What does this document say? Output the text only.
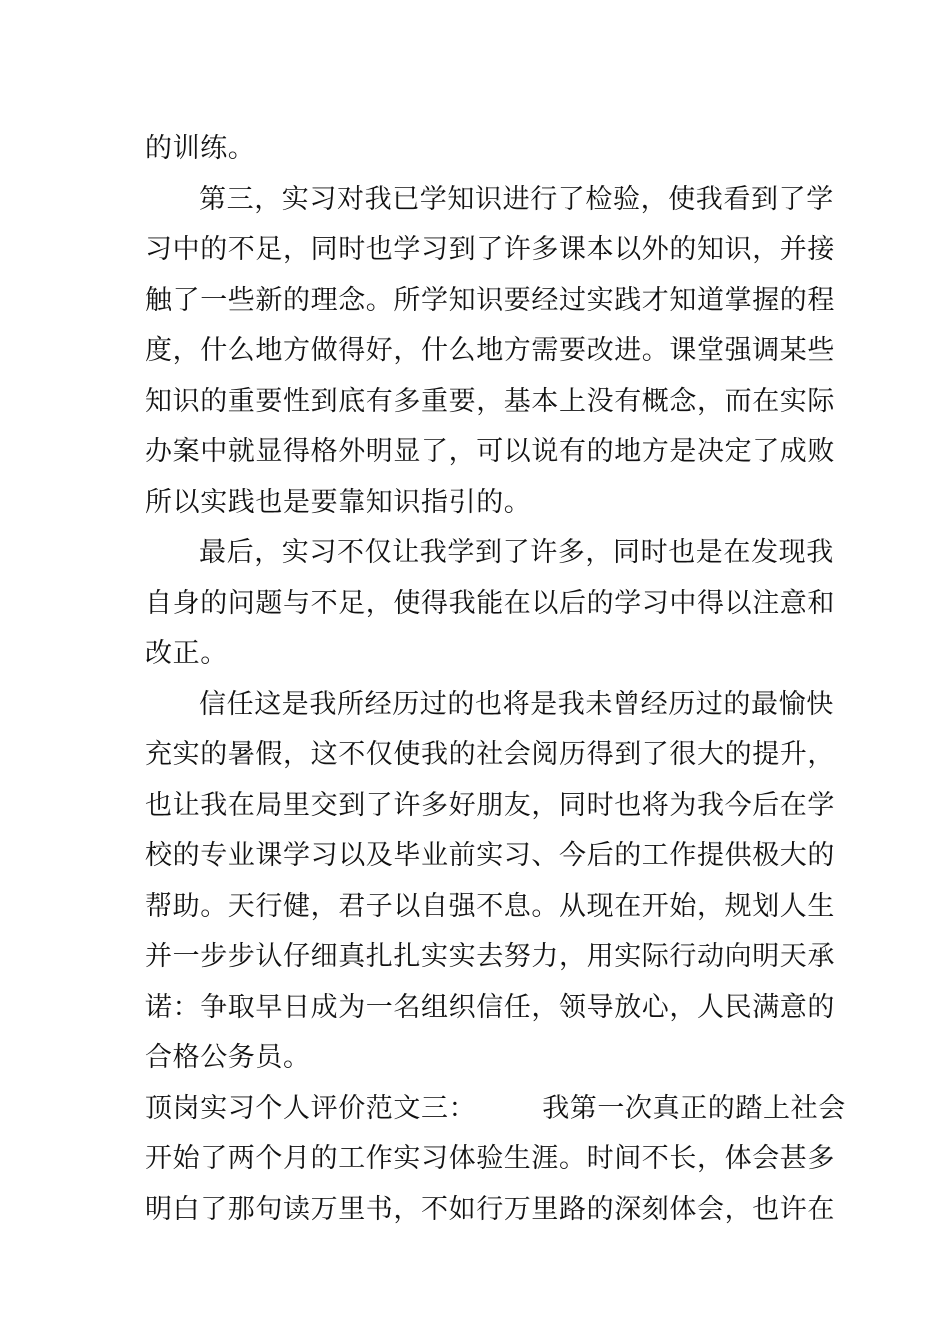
的训练。
第三，实习对我已学知识进行了检验，使我看到了学
习中的不足，同时也学习到了许多课本以外的知识，并接
触了一些新的理念。所学知识要经过实践才知道掌握的程
度，什么地方做得好，什么地方需要改进。课堂强调某些
知识的重要性到底有多重要，基本上没有概念，而在实际
办案中就显得格外明显了，可以说有的地方是决定了成败
所以实践也是要靠知识指引的。
最后，实习不仅让我学到了许多，同时也是在发现我
自身的问题与不足，使得我能在以后的学习中得以注意和
改正。
信任这是我所经历过的也将是我未曾经历过的最愉快
充实的暑假，这不仅使我的社会阅历得到了很大的提升，
也让我在局里交到了许多好朋友，同时也将为我今后在学
校的专业课学习以及毕业前实习、今后的工作提供极大的
帮助。天行健，君子以自强不息。从现在开始，规划人生
并一步步认仔细真扎扎实实去努力，用实际行动向明天承
诺：争取早日成为一名组织信任，领导放心，人民满意的
合格公务员。
顶岗实习个人评价范文三： 我第一次真正的踏上社会
开始了两个月的工作实习体验生涯。时间不长，体会甚多
明白了那句读万里书，不如行万里路的深刻体会，也许在
